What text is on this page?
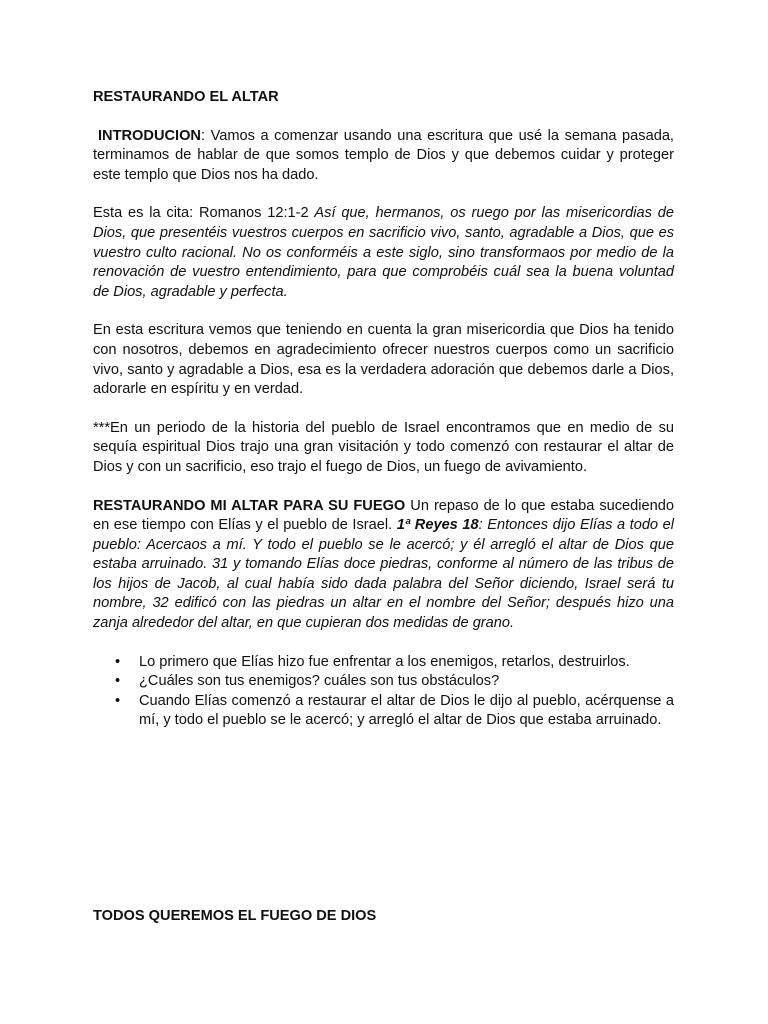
RESTAURANDO EL ALTAR

INTRODUCION: Vamos a comenzar usando una escritura que usé la semana pasada, terminamos de hablar de que somos templo de Dios y que debemos cuidar y proteger este templo que Dios nos ha dado.

Esta es la cita: Romanos 12:1-2 Así que, hermanos, os ruego por las misericordias de Dios, que presentéis vuestros cuerpos en sacrificio vivo, santo, agradable a Dios, que es vuestro culto racional. No os conforméis a este siglo, sino transformaos por medio de la renovación de vuestro entendimiento, para que comprobéis cuál sea la buena voluntad de Dios, agradable y perfecta.

En esta escritura vemos que teniendo en cuenta la gran misericordia que Dios ha tenido con nosotros, debemos en agradecimiento ofrecer nuestros cuerpos como un sacrificio vivo, santo y agradable a Dios, esa es la verdadera adoración que debemos darle a Dios, adorarle en espíritu y en verdad.

***En un periodo de la historia del pueblo de Israel encontramos que en medio de su sequía espiritual Dios trajo una gran visitación y todo comenzó con restaurar el altar de Dios y con un sacrificio, eso trajo el fuego de Dios, un fuego de avivamiento.

RESTAURANDO MI ALTAR PARA SU FUEGO Un repaso de lo que estaba sucediendo en ese tiempo con Elías y el pueblo de Israel. 1ª Reyes 18: Entonces dijo Elías a todo el pueblo: Acercaos a mí. Y todo el pueblo se le acercó; y él arregló el altar de Dios que estaba arruinado. 31 y tomando Elías doce piedras, conforme al número de las tribus de los hijos de Jacob, al cual había sido dada palabra del Señor diciendo, Israel será tu nombre, 32 edificó con las piedras un altar en el nombre del Señor; después hizo una zanja alrededor del altar, en que cupieran dos medidas de grano.

• Lo primero que Elías hizo fue enfrentar a los enemigos, retarlos, destruirlos.
• ¿Cuáles son tus enemigos? cuáles son tus obstáculos?
• Cuando Elías comenzó a restaurar el altar de Dios le dijo al pueblo, acérquense a mí, y todo el pueblo se le acercó; y arregló el altar de Dios que estaba arruinado.
TODOS QUEREMOS EL FUEGO DE DIOS
